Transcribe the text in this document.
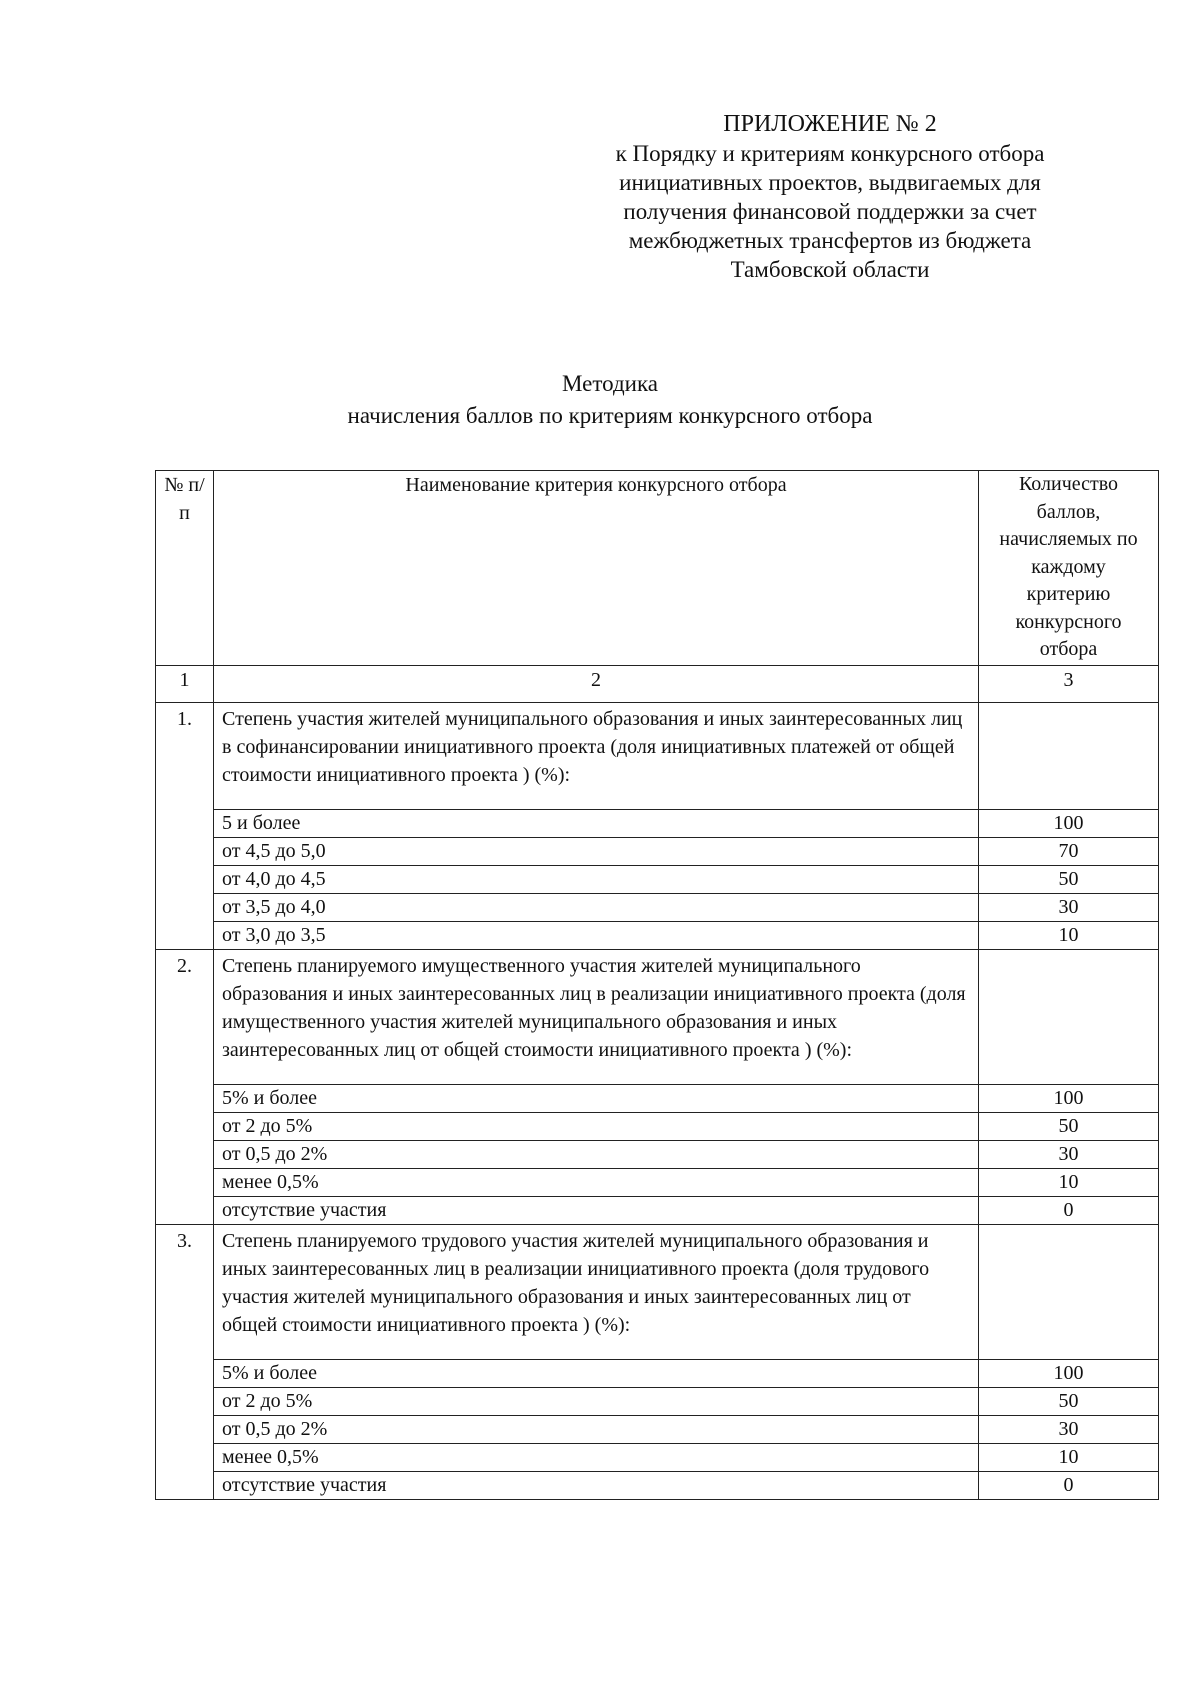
ПРИЛОЖЕНИЕ № 2
к Порядку и критериям конкурсного отбора
инициативных проектов, выдвигаемых для
получения финансовой поддержки за счет
межбюджетных трансфертов из бюджета
Тамбовской области
Методика
начисления баллов по критериям конкурсного отбора
№ п/п	Наименование критерия конкурсного отбора	Количество баллов, начисляемых по каждому критерию конкурсного отбора
1	2	3
1.	Степень участия жителей муниципального образования и иных заинтересованных лиц в софинансировании инициативного проекта (доля инициативных платежей от общей стоимости инициативного проекта ) (%):	
	5 и более	100
	от 4,5 до 5,0	70
	от 4,0 до 4,5	50
	от 3,5 до 4,0	30
	от 3,0 до 3,5	10
2.	Степень планируемого имущественного участия жителей муниципального образования и иных заинтересованных лиц в реализации инициативного проекта (доля имущественного участия жителей муниципального образования и иных заинтересованных лиц от общей стоимости инициативного проекта ) (%):	
	5% и более	100
	от 2 до 5%	50
	от 0,5 до 2%	30
	менее 0,5%	10
	отсутствие участия	0
3.	Степень планируемого трудового участия жителей муниципального образования и иных заинтересованных лиц в реализации инициативного проекта (доля трудового участия жителей муниципального образования и иных заинтересованных лиц от общей стоимости инициативного проекта ) (%):	
	5% и более	100
	от 2 до 5%	50
	от 0,5 до 2%	30
	менее 0,5%	10
	отсутствие участия	0
